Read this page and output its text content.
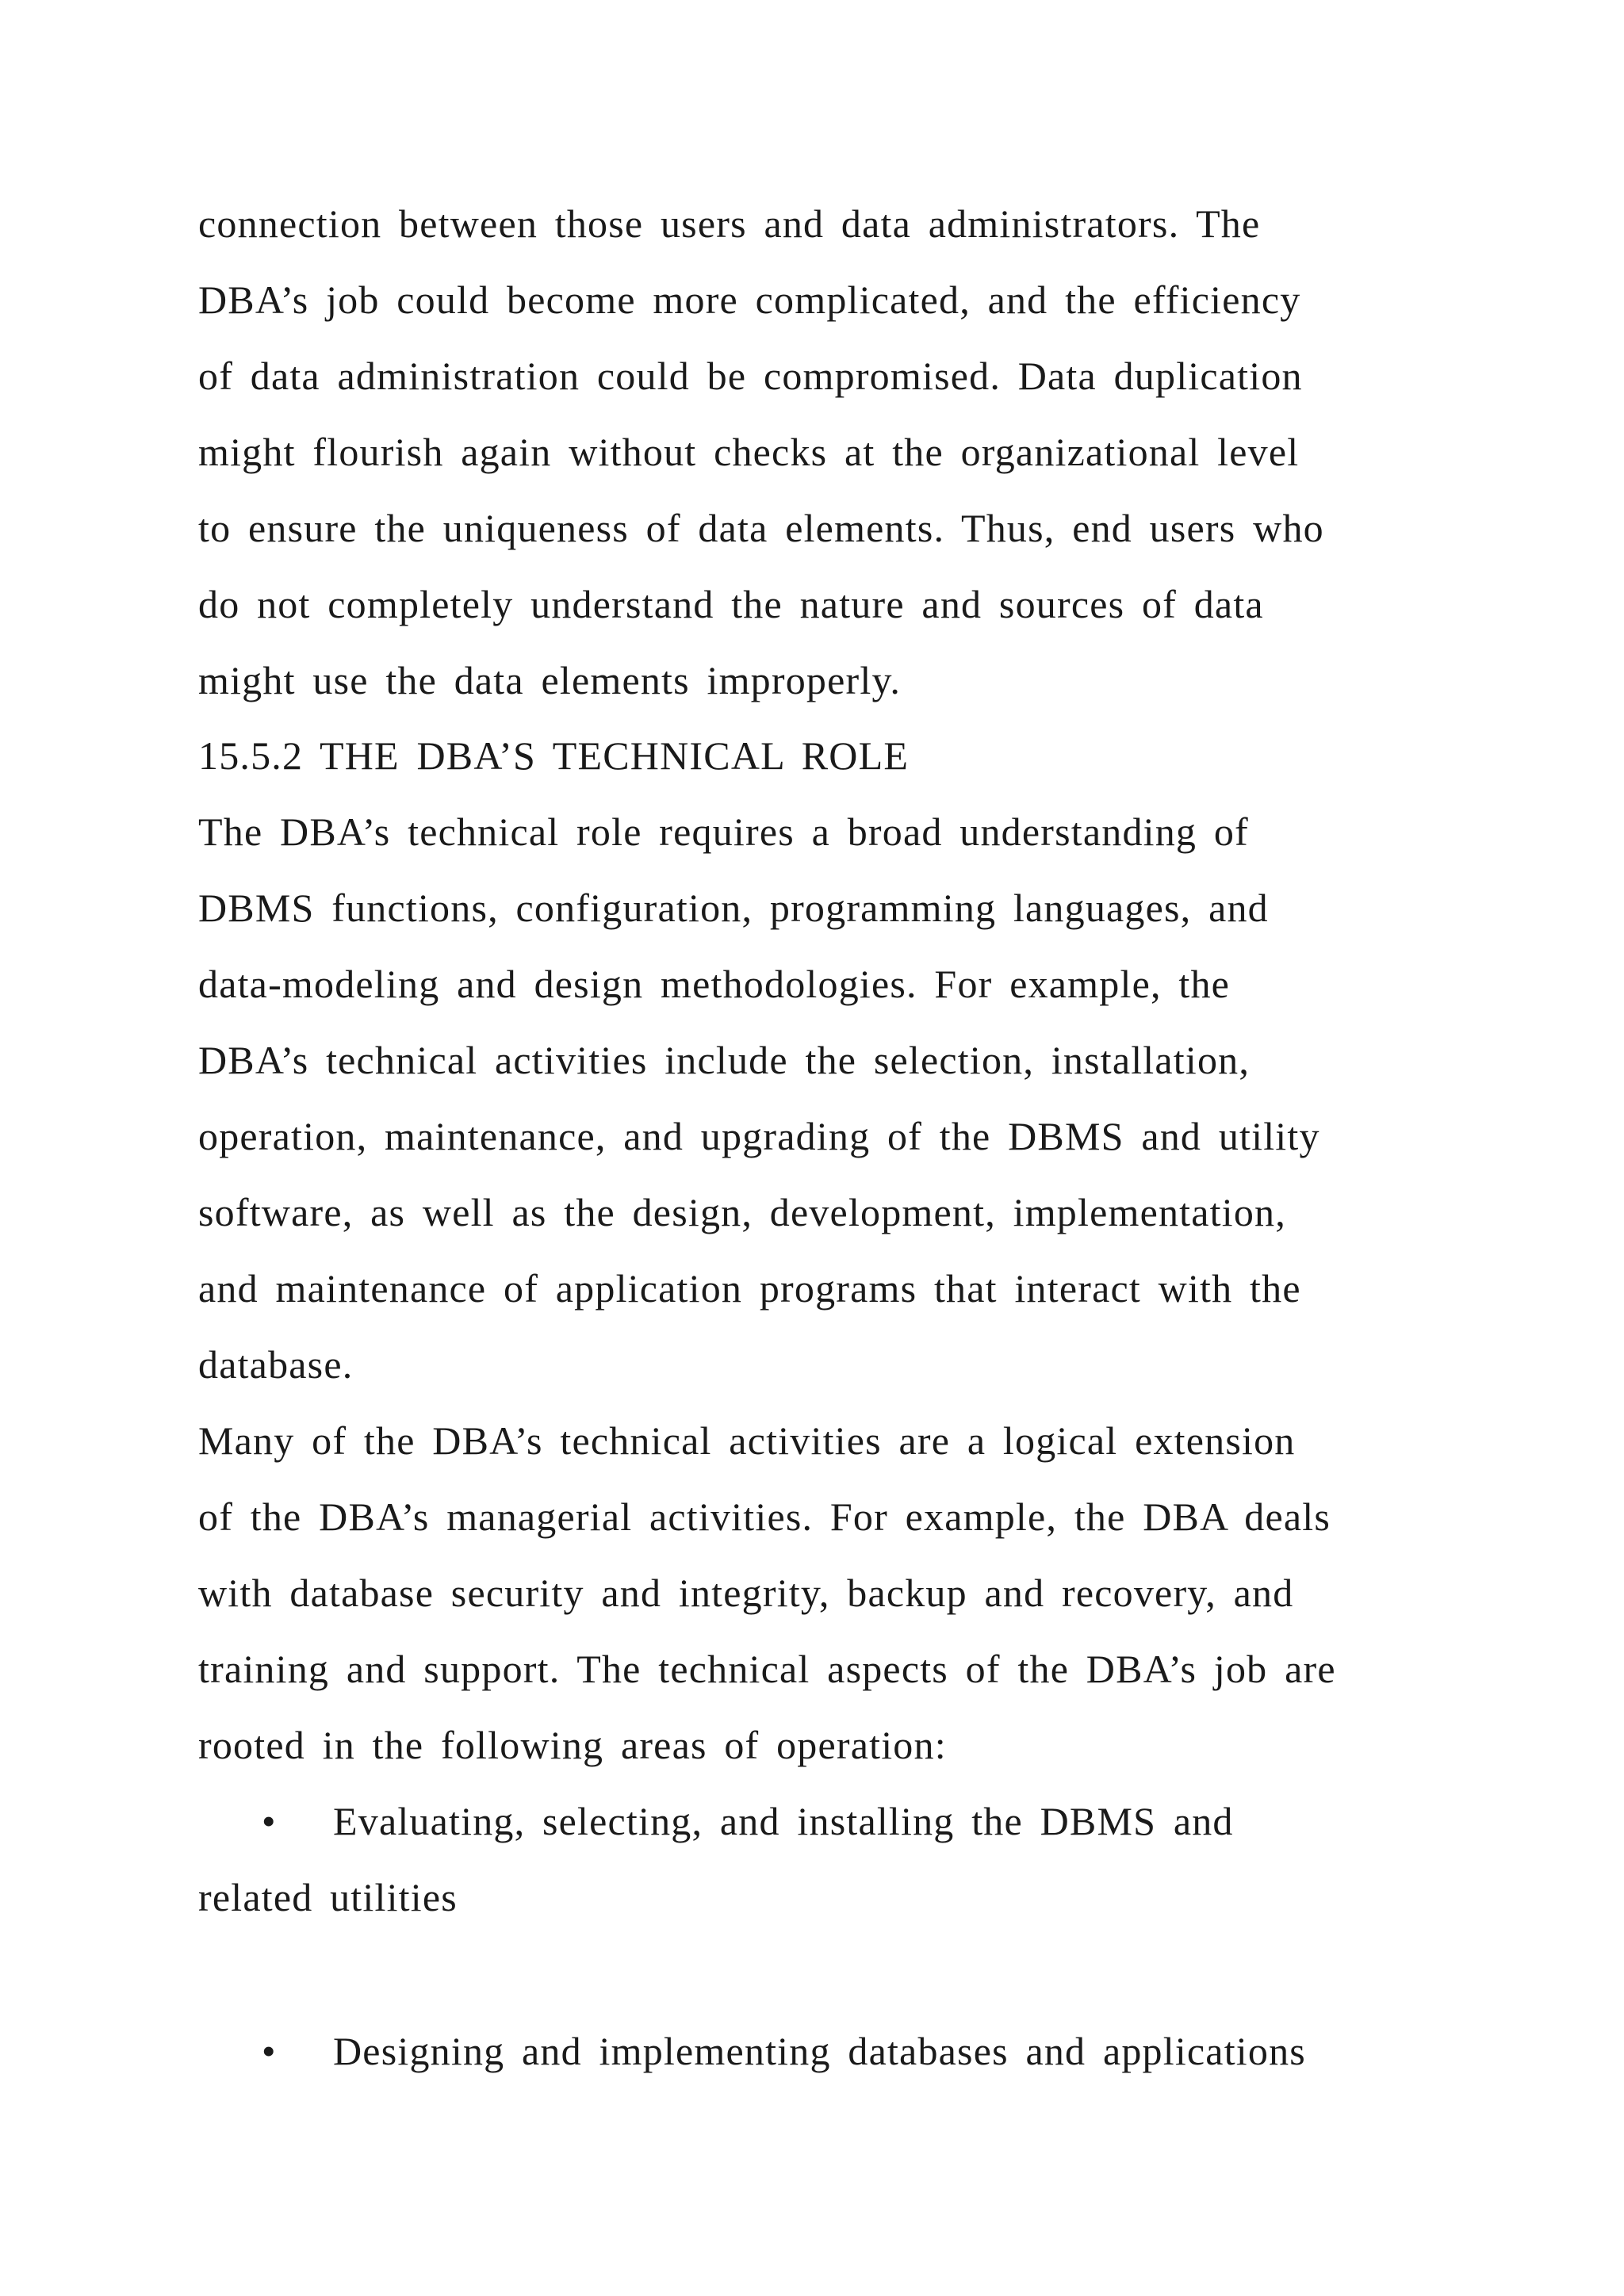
connection between those users and data administrators. The
DBA’s job could become more complicated, and the efficiency
of data administration could be compromised. Data duplication
might flourish again without checks at the organizational level
to ensure the uniqueness of data elements. Thus, end users who
do not completely understand the nature and sources of data
might use the data elements improperly.
15.5.2 THE DBA’S TECHNICAL ROLE
The DBA’s technical role requires a broad understanding of
DBMS functions, configuration, programming languages, and
data-modeling and design methodologies. For example, the
DBA’s technical activities include the selection, installation,
operation, maintenance, and upgrading of the DBMS and utility
software, as well as the design, development, implementation,
and maintenance of application programs that interact with the
database.
Many of the DBA’s technical activities are a logical extension
of the DBA’s managerial activities. For example, the DBA deals
with database security and integrity, backup and recovery, and
training and support. The technical aspects of the DBA’s job are
rooted in the following areas of operation:
• Evaluating, selecting, and installing the DBMS and
related utilities
• Designing and implementing databases and applications
